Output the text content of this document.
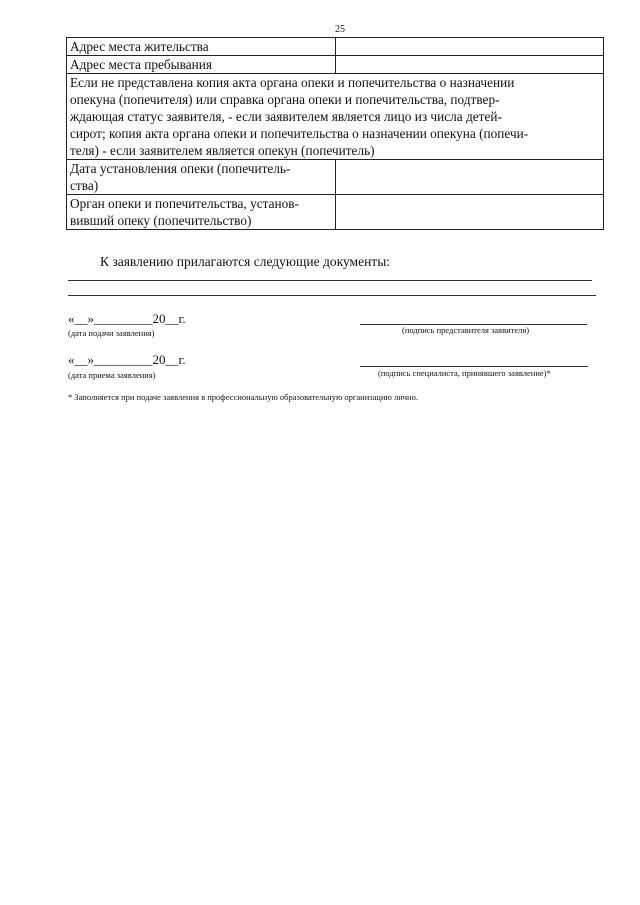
25
Адрес места жительства	
Адрес места пребывания	

Если не представлена копия акта органа опеки и попечительства о назначении
опекуна (попечителя) или справка органа опеки и попечительства, подтвер-
ждающая статус заявителя, - если заявителем является лицо из числа детей-
сирот; копия акта органа опеки и попечительства о назначении опекуна (попечи-
теля) - если заявителем является опекун (попечитель)	

Дата установления опеки (попечитель-
ства)	

Орган опеки и попечительства, установ-
вивший опеку (попечительство)	

К заявлению прилагаются следующие документы:
«__»_________20__г.
(дата подачи заявления)	(подпись представителя заявителя)
«__»_________20__г.
(дата приема заявления)	(подпись специалиста, принявшего заявление)*
* Заполняется при подаче заявления в профессиональную образовательную организацию лично.
